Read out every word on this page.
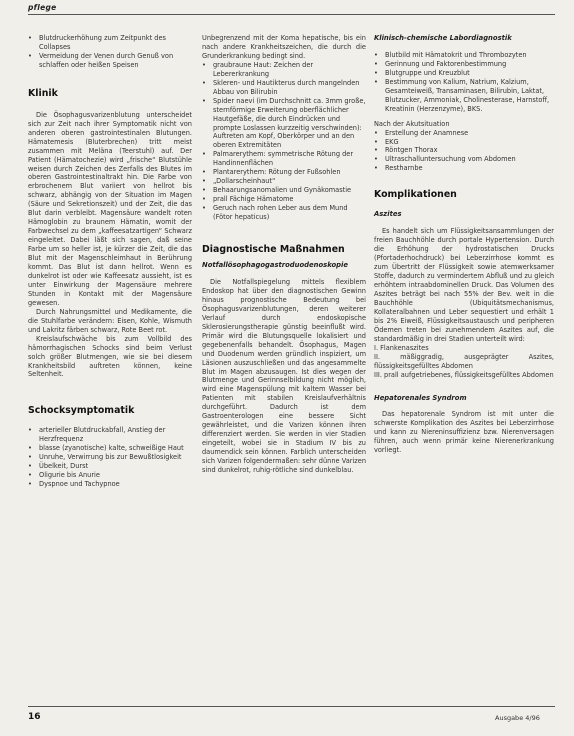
pflege
• Blutdruckerhöhung zum Zeitpunkt des Collapses
• Vermeidung der Venen durch Genuß von schlaffen oder heißen Speisen
Klinik

Die Ösophagusvarizenblutung unterscheidet sich zur Zeit nach ihrer Symptomatik nicht von anderen oberen gastrointestinalen Blutungen. Hämatemesis (Bluterbrechen) tritt meist zusammen mit Meläna (Teerstuhl) auf. Der Patient (Hämatochezie) wird „frische“ Blutstühle weisen durch Zeichen des Zerfalls des Blutes im oberen Gastrointestinaltrakt hin. Die Farbe von erbrochenem Blut variiert von hellrot bis schwarz, abhängig von der Situation im Magen (Säure und Sekretionszeit) und der Zeit, die das Blut darin verbleibt. Magensäure wandelt roten Hämoglobin zu braunem Hämatin, womit der Farbwechsel zu dem „kaffeesatzartigen“ Schwarz eingeleitet. Dabei läßt sich sagen, daß seine Farbe um so heller ist, je kürzer die Zeit, die das Blut mit der Magenschleimhaut in Berührung kommt. Das Blut ist dann hellrot. Wenn es dunkelrot ist oder wie Kaffeesatz aussieht, ist es unter Einwirkung der Magensäure mehrere Stunden in Kontakt mit der Magensäure gewesen.

Durch Nahrungsmittel und Medikamente, die die Stuhlfarbe verändern: Eisen, Kohle, Wismuth und Lakritz färben schwarz, Rote Beet rot.

Kreislaufschwäche bis zum Vollbild des hämorrhagischen Schocks sind beim Verlust solch größer Blutmengen, wie sie bei diesem Krankheitsbild auftreten können, keine Seltenheit.

Schocksymptomatik
• arterieller Blutdruckabfall, Anstieg der Herzfrequenz
• blasse (zyanotische) kalte, schweißige Haut
• Unruhe, Verwirrung bis zur Bewußtlosigkeit
• Übelkeit, Durst
• Oligurie bis Anurie
• Dyspnoe und Tachypnoe

Unbegrenzend mit der Koma hepatische, bis ein nach andere Krankheitszeichen, die durch die Grunderkrankung bedingt sind.

• graubraune Haut: Zeichen der Lebererkrankung
• Skleren- und Hautikterus durch mangelnden Abbau von Bilirubin
• Spider naevi (im Durchschnitt ca. 3mm große, sternförmige Erweiterung oberflächlicher Hautgefäße, die durch Eindrücken und prompte Loslassen kurzzeitig verschwinden): Auftreten am Kopf, Oberkörper und an den oberen Extremitäten
• Palmarerythem: symmetrische Rötung der Handinnenflächen
• Plantarerythem: Rötung der Fußsohlen
• „Dollarscheinhaut“
• Behaarungsanomalien und Gynäkomastie
• prall Fächige Hämatome
• Geruch nach rohen Leber aus dem Mund (Fötor hepaticus)
Diagnostische Maßnahmen
Notfallösophagogastroduodenoskopie

Die Notfallspiegelung mittels flexiblem Endoskop hat über den diagnostischen Gewinn hinaus prognostische Bedeutung bei Ösophagusvarizenblutungen, deren weiterer Verlauf durch endoskopische Sklerosierungstherapie günstig beeinflußt wird. Primär wird die Blutungsquelle lokalisiert und gegebenenfalls behandelt. Ösophagus, Magen und Duodenum werden gründlich inspiziert, um Läsionen auszuschließen und das angesammelte Blut im Magen abzusaugen. Ist dies wegen der Blutmenge und Gerinnselbildung nicht möglich, wird eine Magenspülung mit kaltem Wasser bei Patienten mit stabilen Kreislaufverhältnis durchgeführt. Dadurch ist dem Gastroenterologen eine bessere Sicht gewährleistet, und die Varizen können ihren differenziert werden. Sie werden in vier Stadien eingeteilt, wobei sie in Stadium IV bis zu daumendick sein können. Farblich unterscheiden sich Varizen folgendermaßen: sehr dünne Varizen sind dunkelrot, ruhig-rötliche sind dunkelblau.

Klinisch-chemische Labordiagnostik
• Blutbild mit Hämatokrit und Thrombozyten
• Gerinnung und Faktorenbestimmung
• Blutgruppe und Kreuzblut
• Bestimmung von Kalium, Natrium, Kalzium, Gesamteiweiß, Transaminasen, Bilirubin, Laktat, Blutzucker, Ammoniak, Cholinesterase, Harnstoff, Kreatinin (Herzenzyme), BKS.

Nach der Akutsituation

• Erstellung der Anamnese
• EKG
• Röntgen Thorax
• Ultraschalluntersuchung vom Abdomen
• Restharnbe
Komplikationen
Aszites

Es handelt sich um Flüssigkeitsansammlungen der freien Bauchhöhle durch portale Hypertension. Durch die Erhöhung der hydrostatischen Drucks (Pfortaderhochdruck) bei Leberzirrhose kommt es zum Übertritt der Flüssigkeit sowie atemwerksamer Stoffe, dadurch zu vermindertem Abfluß und zu gleich erhöhtem intraabdominellen Druck. Das Volumen des Aszites beträgt bei nach 55% der Bev. weit in die Bauchhöhle (Ubiquitätsmechanismus, Kollateralbahnen und Leber sequestiert und erhält 1 bis 2% Eiweiß, Flüssigkeitsaustausch und peripheren Ödemen treten bei zunehmendem Aszites auf, die standardmäßig in drei Stadien unterteilt wird:

I. Flankenaszites

II. mäßiggradig, ausgeprägter Aszites, flüssigkeitsgefülltes Abdomen

III. prall aufgetriebenes, flüssigkeitsgefülltes Abdomen

Hepatorenales Syndrom

Das hepatorenale Syndrom ist mit unter die schwerste Komplikation des Aszites bei Leberzirrhose und kann zu Niereninsuffizienz bzw. Nierenversagen führen, auch wenn primär keine Nierenerkrankung vorliegt.

16	Ausgabe 4/96
